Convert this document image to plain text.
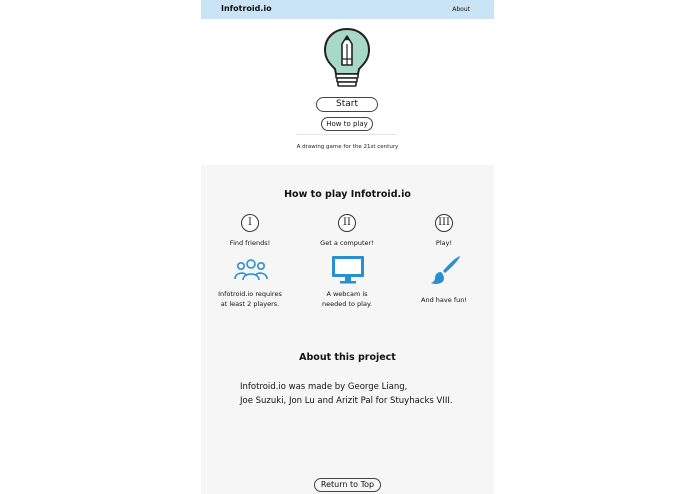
Infotroid.io	About
Start
How to play
A drawing game for the 21st century
How to play Infotroid.io
I
Find friends!
Infotroid.io requires
at least 2 players.
II
Get a computer!
A webcam is
needed to play.
III
Play!
And have fun!
About this project
Infotroid.io was made by George Liang,
Joe Suzuki, Jon Lu and Arizit Pal for Stuyhacks VIII.
Return to Top
